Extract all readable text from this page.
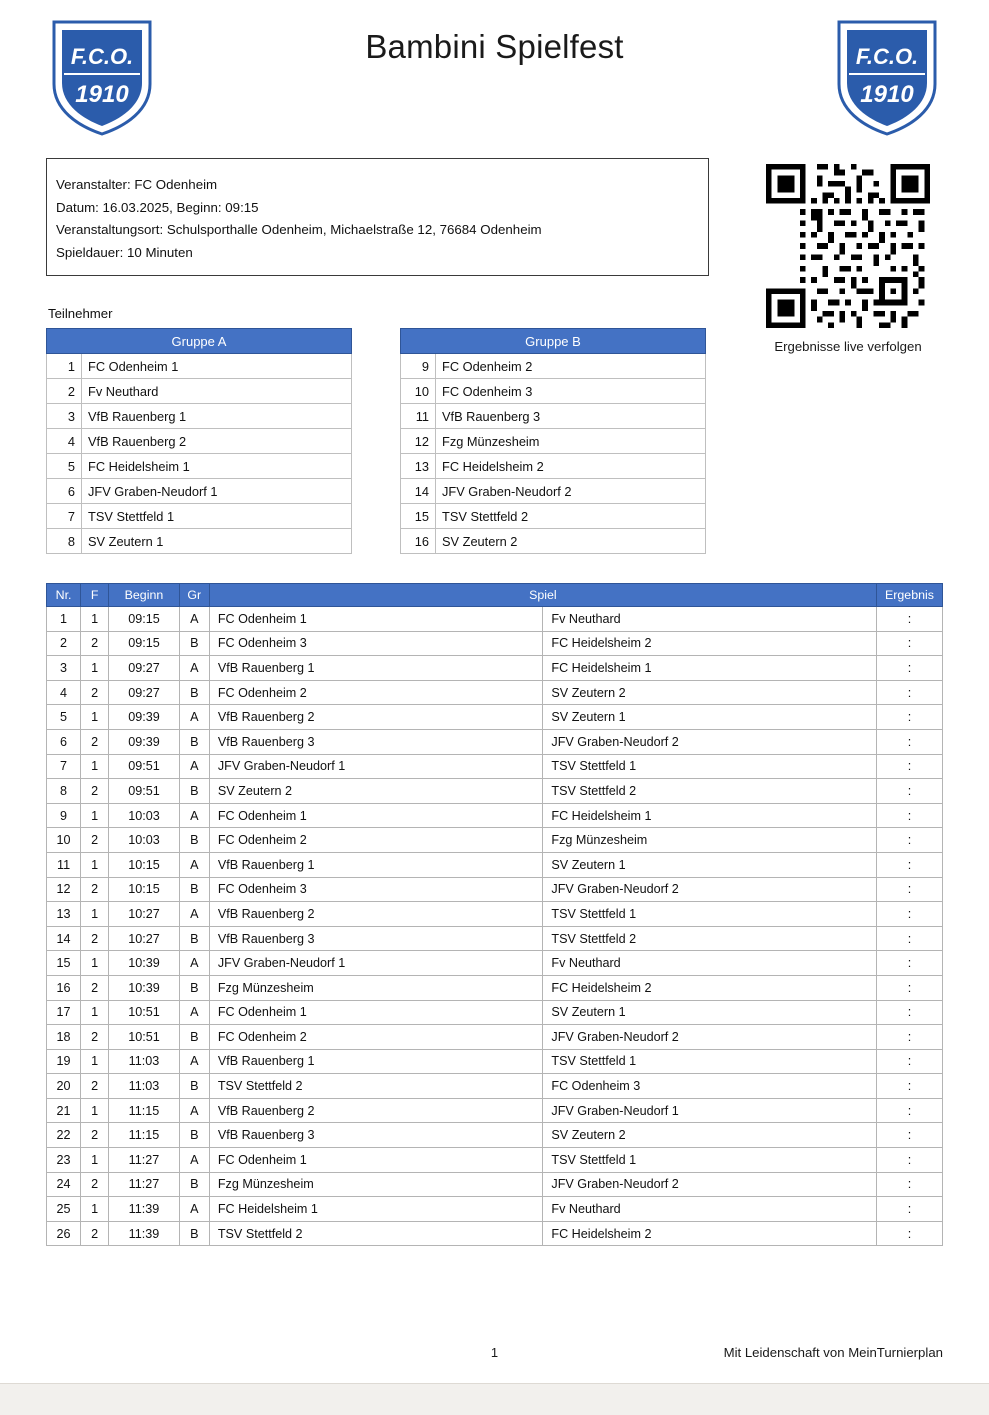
F.C.O.
1910
Bambini Spielfest	F.C.O.
1910
Veranstalter: FC Odenheim
Datum: 16.03.2025, Beginn: 09:15
Veranstaltungsort: Schulsporthalle Odenheim, Michaelstraße 12, 76684 Odenheim
Spieldauer: 10 Minuten
Ergebnisse live verfolgen
Teilnehmer
Gruppe A	
1	FC Odenheim 1
2	Fv Neuthard
3	VfB Rauenberg 1
4	VfB Rauenberg 2
5	FC Heidelsheim 1
6	JFV Graben-Neudorf 1
7	TSV Stettfeld 1
8	SV Zeutern 1
Gruppe B	
9	FC Odenheim 2
10	FC Odenheim 3
11	VfB Rauenberg 3
12	Fzg Münzesheim
13	FC Heidelsheim 2
14	JFV Graben-Neudorf 2
15	TSV Stettfeld 2
16	SV Zeutern 2
Nr.	F	Beginn	Gr	Spiel		Ergebnis
1	1	09:15	A	FC Odenheim 1	Fv Neuthard	:
2	2	09:15	B	FC Odenheim 3	FC Heidelsheim 2	:
3	1	09:27	A	VfB Rauenberg 1	FC Heidelsheim 1	:
4	2	09:27	B	FC Odenheim 2	SV Zeutern 2	:
5	1	09:39	A	VfB Rauenberg 2	SV Zeutern 1	:
6	2	09:39	B	VfB Rauenberg 3	JFV Graben-Neudorf 2	:
7	1	09:51	A	JFV Graben-Neudorf 1	TSV Stettfeld 1	:
8	2	09:51	B	SV Zeutern 2	TSV Stettfeld 2	:
9	1	10:03	A	FC Odenheim 1	FC Heidelsheim 1	:
10	2	10:03	B	FC Odenheim 2	Fzg Münzesheim	:
11	1	10:15	A	VfB Rauenberg 1	SV Zeutern 1	:
12	2	10:15	B	FC Odenheim 3	JFV Graben-Neudorf 2	:
13	1	10:27	A	VfB Rauenberg 2	TSV Stettfeld 1	:
14	2	10:27	B	VfB Rauenberg 3	TSV Stettfeld 2	:
15	1	10:39	A	JFV Graben-Neudorf 1	Fv Neuthard	:
16	2	10:39	B	Fzg Münzesheim	FC Heidelsheim 2	:
17	1	10:51	A	FC Odenheim 1	SV Zeutern 1	:
18	2	10:51	B	FC Odenheim 2	JFV Graben-Neudorf 2	:
19	1	11:03	A	VfB Rauenberg 1	TSV Stettfeld 1	:
20	2	11:03	B	TSV Stettfeld 2	FC Odenheim 3	:
21	1	11:15	A	VfB Rauenberg 2	JFV Graben-Neudorf 1	:
22	2	11:15	B	VfB Rauenberg 3	SV Zeutern 2	:
23	1	11:27	A	FC Odenheim 1	TSV Stettfeld 1	:
24	2	11:27	B	Fzg Münzesheim	JFV Graben-Neudorf 2	:
25	1	11:39	A	FC Heidelsheim 1	Fv Neuthard	:
26	2	11:39	B	TSV Stettfeld 2	FC Heidelsheim 2	:
1	Mit Leidenschaft von MeinTurnierplan
